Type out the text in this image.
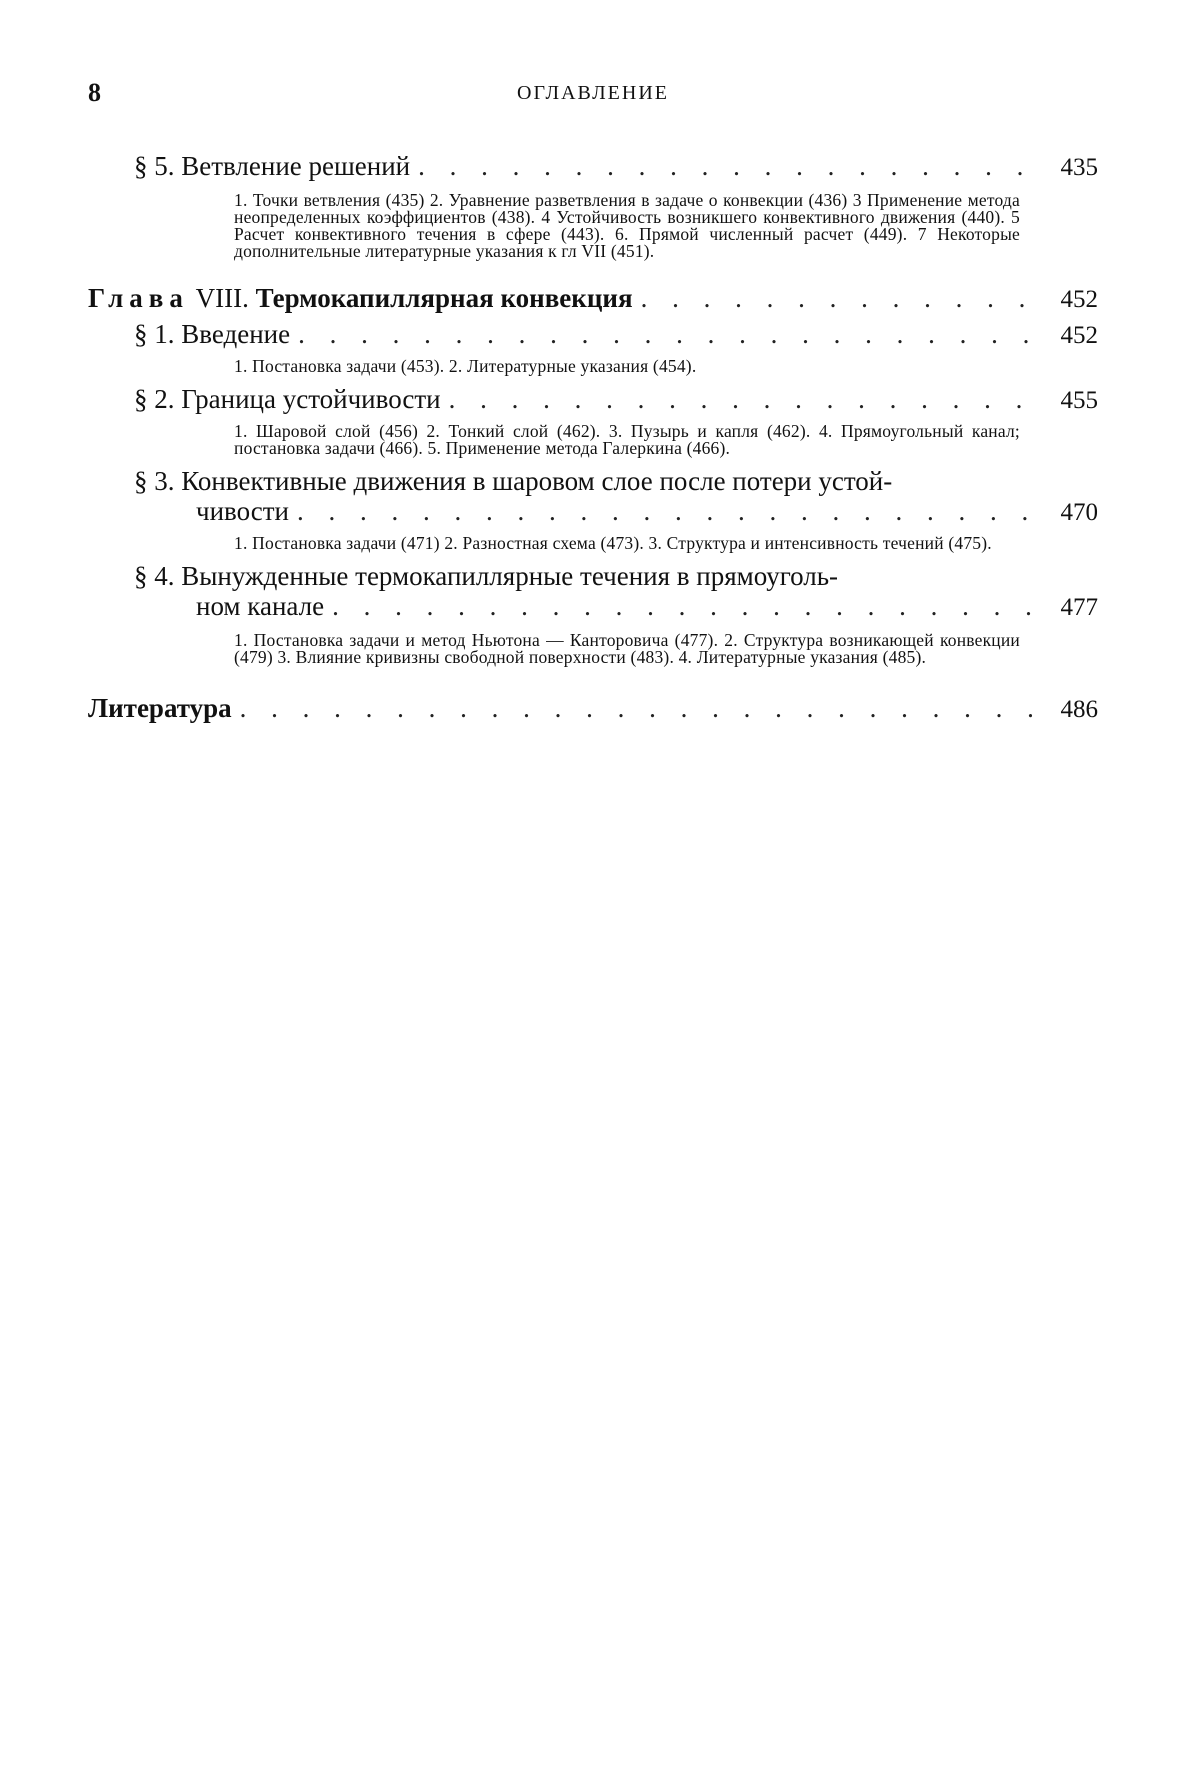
8	ОГЛАВЛЕНИЕ
§ 5. Ветвление решений . . .	435
1. Точки ветвления (435) 2. Уравнение разветвления в задаче о конвекции (436) 3 Применение метода неопределенных коэффициентов (438). 4 Устойчивость возникшего конвективного движения (440). 5 Расчет конвективного течения в сфере (443). 6. Прямой численный расчет (449). 7 Некоторые дополнительные литературные указания к гл VII (451).
Глава VIII. Термокапиллярная конвекция . . .	452
§ 1. Введение . . .	452
1. Постановка задачи (453). 2. Литературные указания (454).
§ 2. Граница устойчивости . . .	455
1. Шаровой слой (456) 2. Тонкий слой (462). 3. Пузырь и капля (462). 4. Прямоугольный канал; постановка задачи (466). 5. Применение метода Галеркина (466).
§ 3. Конвективные движения в шаровом слое после потери устой-
чивости . . .	470
1. Постановка задачи (471) 2. Разностная схема (473). 3. Структура и интенсивность течений (475).
§ 4. Вынужденные термокапиллярные течения в прямоуголь-
ном канале . . .	477
1. Постановка задачи и метод Ньютона — Канторовича (477). 2. Структура возникающей конвекции (479) 3. Влияние кривизны свободной поверхности (483). 4. Литературные указания (485).
Литература . . .	486
